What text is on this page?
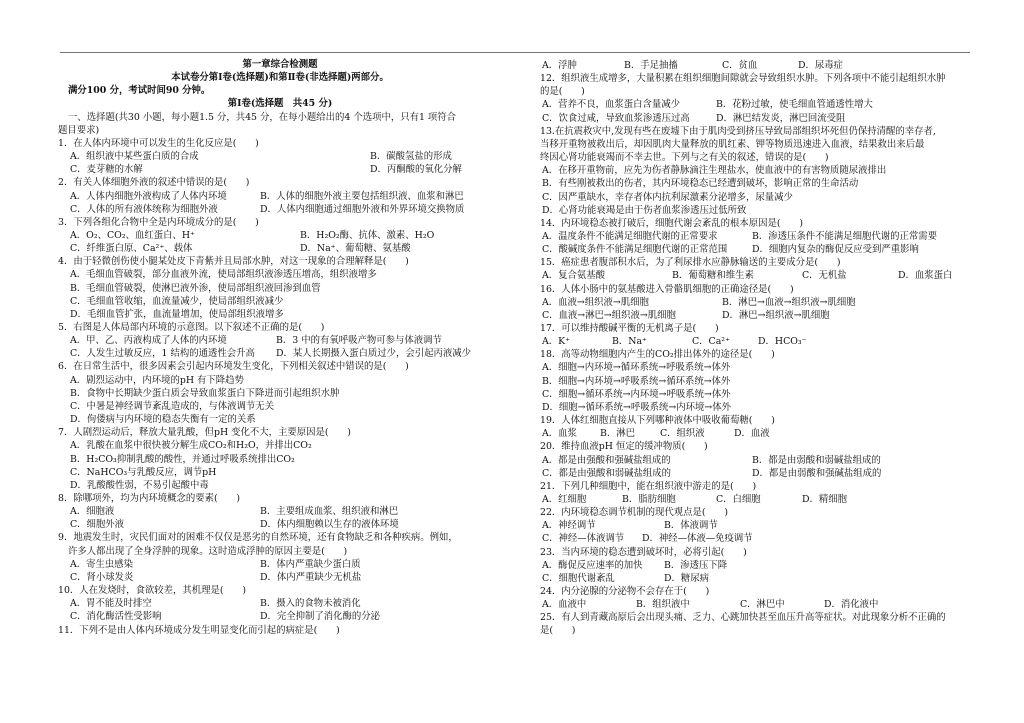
第一章综合检测题
本试卷分第Ⅰ卷(选择题)和第Ⅱ卷(非选择题)两部分。
满分100 分，考试时间90 分钟。
第Ⅰ卷(选择题　共45 分)
一、选择题(共30 小题，每小题1.5 分，共45 分，在每小题给出的4 个选项中，只有1 项符合
题目要求)
1．在人体内环境中可以发生的生化反应是(　　)
A．组织液中某些蛋白质的合成	B．碳酸氢盐的形成
C．麦芽糖的水解	D．丙酮酸的氧化分解
2．有关人体细胞外液的叙述中错误的是(　　)
A．人体内细胞外液构成了人体内环境	B．人体的细胞外液主要包括组织液、血浆和淋巴
C．人体的所有液体统称为细胞外液	D．人体内细胞通过细胞外液和外界环境交换物质
3．下列各组化合物中全是内环境成分的是(　　)
A．O₂、CO₂、血红蛋白、H⁺	B．H₂O₂酶、抗体、激素、H₂O
C．纤维蛋白原、Ca²⁺、载体	D．Na⁺、葡萄糖、氨基酸
4．由于轻微创伤使小腿某处皮下青紫并且局部水肿，对这一现象的合理解释是(　　)
A．毛细血管破裂，部分血液外流，使局部组织液渗透压增高，组织液增多
B．毛细血管破裂，使淋巴液外渗，使局部组织液回渗到血管
C．毛细血管收缩，血流量减少，使局部组织液减少
D．毛细血管扩张，血流量增加，使局部组织液增多
5．右图是人体局部内环境的示意图。以下叙述不正确的是(　　)
A．甲、乙、丙液构成了人体的内环境	B．3 中的有氧呼吸产物可参与体液调节
C．人发生过敏反应，1 结构的通透性会升高 D．某人长期摄入蛋白质过少，会引起丙液减少
6．在日常生活中，很多因素会引起内环境发生变化，下列相关叙述中错误的是(　　)
A．剧烈运动中，内环境的pH 有下降趋势
B．食物中长期缺少蛋白质会导致血浆蛋白下降进而引起组织水肿
C．中暑是神经调节紊乱造成的，与体液调节无关
D．佝偻病与内环境的稳态失衡有一定的关系
7．人剧烈运动后，释放大量乳酸，但pH 变化不大，主要原因是(　　)
A．乳酸在血浆中很快被分解生成CO₂和H₂O，并排出CO₂
B．H₂CO₃抑制乳酸的酸性，并通过呼吸系统排出CO₂
C．NaHCO₃与乳酸反应，调节pH
D．乳酸酸性弱，不易引起酸中毒
8．除哪项外，均为内环境概念的要素(　　)
A．细胞液	B．主要组成血浆、组织液和淋巴
C．细胞外液	D．体内细胞赖以生存的液体环境
9．地震发生时，灾民们面对的困难不仅仅是恶劣的自然环境，还有食物缺乏和各种疾病。例如，
许多人都出现了全身浮肿的现象。这时造成浮肿的原因主要是(　　)
A．寄生虫感染	B．体内严重缺少蛋白质
C．肾小球发炎	D．体内严重缺少无机盐
10．人在发烧时，食欲较差，其机理是(　　)
A．胃不能及时排空	B．摄入的食物未被消化
C．消化酶活性受影响	D．完全抑制了消化酶的分泌
11．下列不是由人体内环境成分发生明显变化而引起的病症是(　　)
A．浮肿	B．手足抽搐	C．贫血	D．尿毒症
12．组织液生成增多，大量积累在组织细胞间隙就会导致组织水肿。下列各项中不能引起组织水肿
的是(　　)
A．营养不良，血浆蛋白含量减少	B．花粉过敏，使毛细血管通透性增大
C．饮食过咸，导致血浆渗透压过高	D．淋巴结发炎，淋巴回流受阻
13.在抗震救灾中,发现有些在废墟下由于肌肉受到挤压导致局部组织坏死但仍保持清醒的幸存者,
当移开重物被救出后，却因肌肉大量释放的肌红素、钾等物质迅速进入血液，结果救出来后最
终因心肾功能衰竭而不幸去世。下列与之有关的叙述，错误的是(　　)
A．在移开重物前，应先为伤者静脉滴注生理盐水，使血液中的有害物质随尿液排出
B．有些刚被救出的伤者，其内环境稳态已经遭到破坏，影响正常的生命活动
C．因严重缺水，幸存者体内抗利尿激素分泌增多，尿量减少
D．心肾功能衰竭是由于伤者血浆渗透压过低所致
14．内环境稳态被打破后，细胞代谢会紊乱的根本原因是(　　)
A．温度条件不能满足细胞代谢的正常要求	B．渗透压条件不能满足细胞代谢的正常需要
C．酸碱度条件不能满足细胞代谢的正常范围	D．细胞内复杂的酶促反应受到严重影响
15．癌症患者腹部积水后，为了利尿排水应静脉输送的主要成分是(　　)
A．复合氨基酸	B．葡萄糖和维生素	C．无机盐	D．血浆蛋白
16．人体小肠中的氨基酸进入骨骼肌细胞的正确途径是(　　)
A．血液→组织液→肌细胞	B．淋巴→血液→组织液→肌细胞
C．血液→淋巴→组织液→肌细胞	D．淋巴→组织液→肌细胞
17．可以维持酸碱平衡的无机离子是(　　)
A．K⁺	B．Na⁺	C．Ca²⁺	D．HCO₃⁻
18．高等动物细胞内产生的CO₂排出体外的途径是(　　)
A．细胞→内环境→循环系统→呼吸系统→体外
B．细胞→内环境→呼吸系统→循环系统→体外
C．细胞→循环系统→内环境→呼吸系统→体外
D．细胞→循环系统→呼吸系统→内环境→体外
19．人体红细胞直接从下列哪种液体中吸收葡萄糖(　　)
A．血浆 B．淋巴	C．组织液	D．血液
20．维持血液pH 恒定的缓冲物质(　　)
A．都是由强酸和强碱盐组成的	B．都是由弱酸和弱碱盐组成的
C．都是由强酸和弱碱盐组成的	D．都是由弱酸和强碱盐组成的
21．下列几种细胞中，能在组织液中游走的是(　　)
A．红细胞	B．脂肪细胞	C．白细胞	D．精细胞
22．内环境稳态调节机制的现代观点是(　　)
A．神经调节	B．体液调节
C．神经—体液调节 D．神经—体液—免疫调节
23．当内环境的稳态遭到破坏时，必将引起(　　)
A．酶促反应速率的加快 B．渗透压下降
C．细胞代谢紊乱	D．糖尿病
24．内分泌腺的分泌物不会存在于(　　)
A．血液中	B．组织液中	C．淋巴中	D．消化液中
25．有人到青藏高原后会出现头痛、乏力、心跳加快甚至血压升高等症状。对此现象分析不正确的
是(　　)
